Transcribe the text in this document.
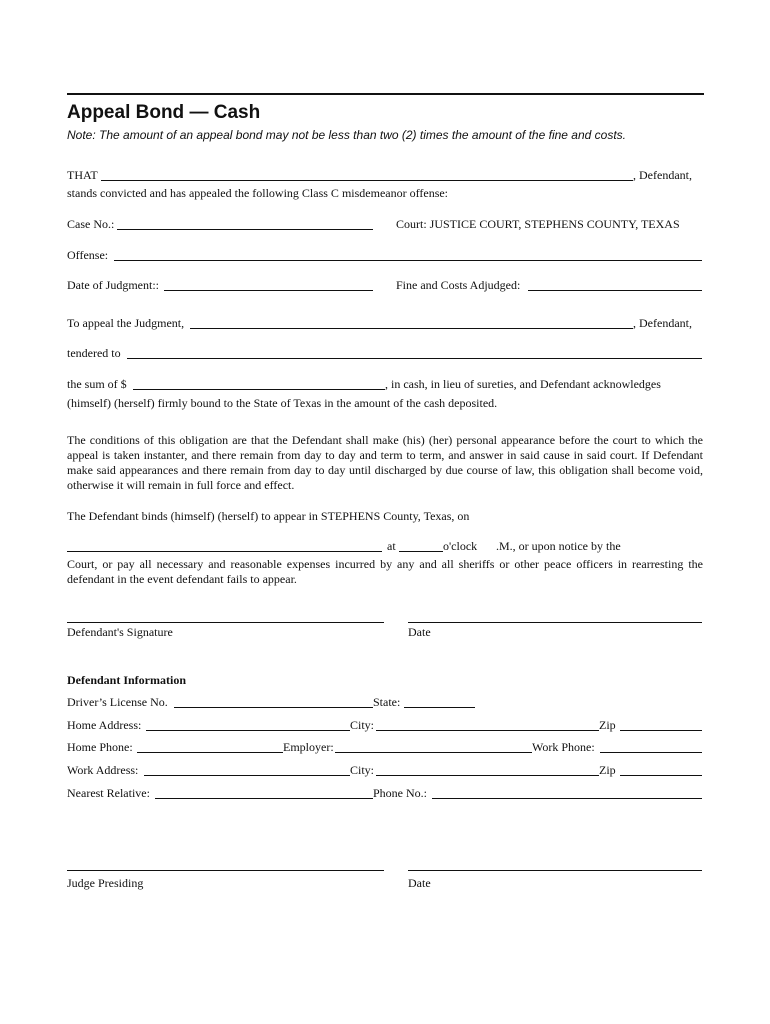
Appeal Bond — Cash
Note: The amount of an appeal bond may not be less than two (2) times the amount of the fine and costs.
THAT	, Defendant,
stands convicted and has appealed the following Class C misdemeanor offense:
Case No.:	Court: JUSTICE COURT, STEPHENS COUNTY, TEXAS
Offense:
Date of Judgment::	Fine and Costs Adjudged:
To appeal the Judgment,	, Defendant,
tendered to
the sum of $	, in cash, in lieu of sureties, and Defendant acknowledges
(himself) (herself) firmly bound to the State of Texas in the amount of the cash deposited.
The conditions of this obligation are that the Defendant shall make (his) (her) personal appearance before the court to which the appeal is taken instanter, and there remain from day to day and term to term, and answer in said cause in said court. If Defendant make said appearances and there remain from day to day until discharged by due course of law, this obligation shall become void, otherwise it will remain in full force and effect.
The Defendant binds (himself) (herself) to appear in STEPHENS County, Texas, on
at	o'clock .M., or upon notice by the
Court, or pay all necessary and reasonable expenses incurred by any and all sheriffs or other peace officers in rearresting the defendant in the event defendant fails to appear.
Defendant's Signature	Date
Defendant Information
Driver’s License No.	State:
Home Address:	City:	Zip
Home Phone:	Employer:	Work Phone:
Work Address:	City:	Zip
Nearest Relative:	Phone No.:
Judge Presiding	Date
